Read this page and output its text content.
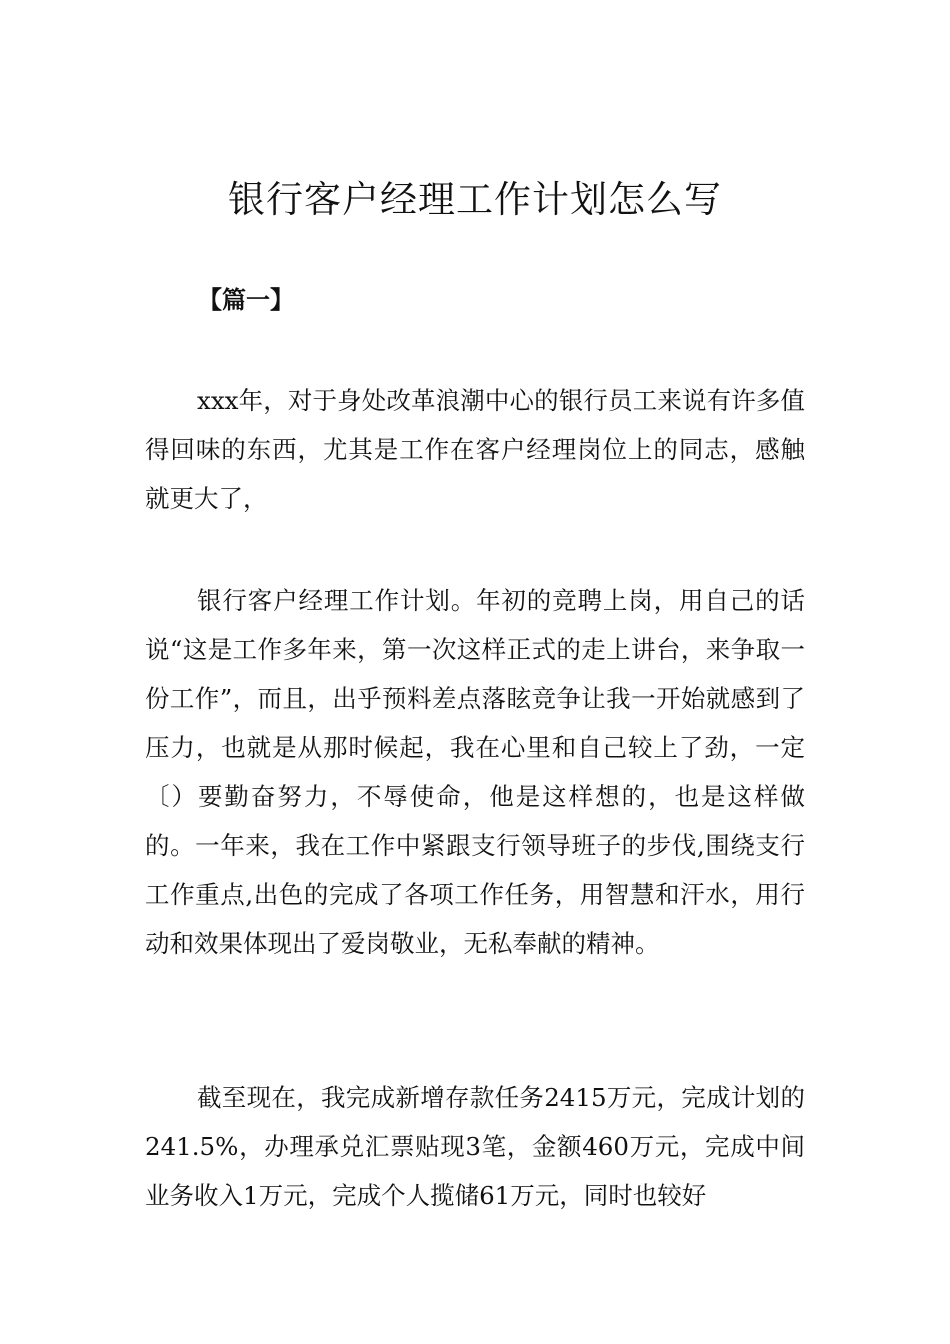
银行客户经理工作计划怎么写

【篇一】

xxx年，对于身处改革浪潮中心的银行员工来说有许多值得回味的东西，尤其是工作在客户经理岗位上的同志，感触就更大了，

银行客户经理工作计划。年初的竞聘上岗，用自己的话说“这是工作多年来，第一次这样正式的走上讲台，来争取一份工作”，而且，出乎预料差点落眩竞争让我一开始就感到了压力，也就是从那时候起，我在心里和自己较上了劲，一定〔）要勤奋努力，不辱使命，他是这样想的，也是这样做的。一年来，我在工作中紧跟支行领导班子的步伐,围绕支行工作重点,出色的完成了各项工作任务，用智慧和汗水，用行动和效果体现出了爱岗敬业，无私奉献的精神。

截至现在，我完成新增存款任务2415万元，完成计划的241.5%，办理承兑汇票贴现3笔，金额460万元，完成中间业务收入1万元，完成个人揽储61万元，同时也较好
